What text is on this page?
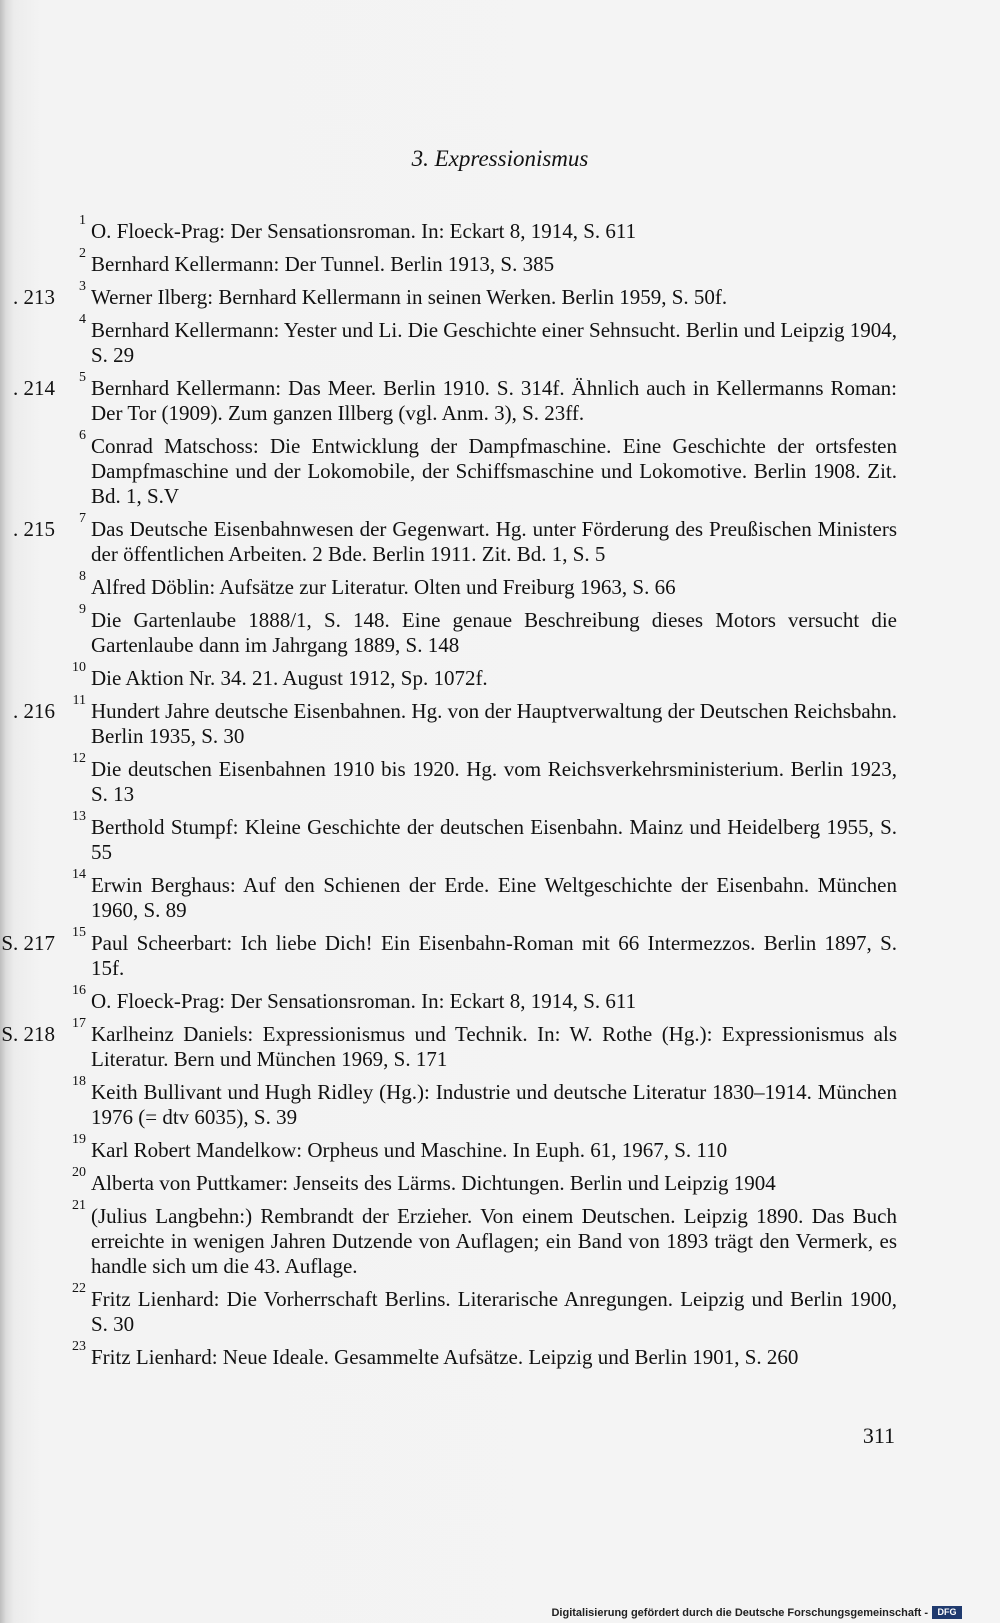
3. Expressionismus

1 O. Floeck-Prag: Der Sensationsroman. In: Eckart 8, 1914, S. 611

2 Bernhard Kellermann: Der Tunnel. Berlin 1913, S. 385

. 213 3 Werner Ilberg: Bernhard Kellermann in seinen Werken. Berlin 1959, S. 50f.

4 Bernhard Kellermann: Yester und Li. Die Geschichte einer Sehnsucht. Berlin und Leipzig 1904, S. 29

. 214 5 Bernhard Kellermann: Das Meer. Berlin 1910. S. 314f. Ähnlich auch in Kellermanns Roman: Der Tor (1909). Zum ganzen Illberg (vgl. Anm. 3), S. 23ff.

6 Conrad Matschoss: Die Entwicklung der Dampfmaschine. Eine Geschichte der ortsfesten Dampfmaschine und der Lokomobile, der Schiffsmaschine und Lokomotive. Berlin 1908. Zit. Bd. 1, S.V

. 215 7 Das Deutsche Eisenbahnwesen der Gegenwart. Hg. unter Förderung des Preußischen Ministers der öffentlichen Arbeiten. 2 Bde. Berlin 1911. Zit. Bd. 1, S. 5

8 Alfred Döblin: Aufsätze zur Literatur. Olten und Freiburg 1963, S. 66

9 Die Gartenlaube 1888/1, S. 148. Eine genaue Beschreibung dieses Motors versucht die Gartenlaube dann im Jahrgang 1889, S. 148

10 Die Aktion Nr. 34. 21. August 1912, Sp. 1072f.

. 216 11 Hundert Jahre deutsche Eisenbahnen. Hg. von der Hauptverwaltung der Deutschen Reichsbahn. Berlin 1935, S. 30

12 Die deutschen Eisenbahnen 1910 bis 1920. Hg. vom Reichsverkehrsministerium. Berlin 1923, S. 13

13 Berthold Stumpf: Kleine Geschichte der deutschen Eisenbahn. Mainz und Heidelberg 1955, S. 55

14 Erwin Berghaus: Auf den Schienen der Erde. Eine Weltgeschichte der Eisenbahn. München 1960, S. 89

S. 217 15 Paul Scheerbart: Ich liebe Dich! Ein Eisenbahn-Roman mit 66 Intermezzos. Berlin 1897, S. 15f.

16 O. Floeck-Prag: Der Sensationsroman. In: Eckart 8, 1914, S. 611

S. 218 17 Karlheinz Daniels: Expressionismus und Technik. In: W. Rothe (Hg.): Expressionismus als Literatur. Bern und München 1969, S. 171

18 Keith Bullivant und Hugh Ridley (Hg.): Industrie und deutsche Literatur 1830–1914. München 1976 (= dtv 6035), S. 39

19 Karl Robert Mandelkow: Orpheus und Maschine. In Euph. 61, 1967, S. 110

20 Alberta von Puttkamer: Jenseits des Lärms. Dichtungen. Berlin und Leipzig 1904

21 (Julius Langbehn:) Rembrandt der Erzieher. Von einem Deutschen. Leipzig 1890. Das Buch erreichte in wenigen Jahren Dutzende von Auflagen; ein Band von 1893 trägt den Vermerk, es handle sich um die 43. Auflage.

22 Fritz Lienhard: Die Vorherrschaft Berlins. Literarische Anregungen. Leipzig und Berlin 1900, S. 30

23 Fritz Lienhard: Neue Ideale. Gesammelte Aufsätze. Leipzig und Berlin 1901, S. 260

311
Digitalisierung gefördert durch die Deutsche Forschungsgemeinschaft -	DFG
